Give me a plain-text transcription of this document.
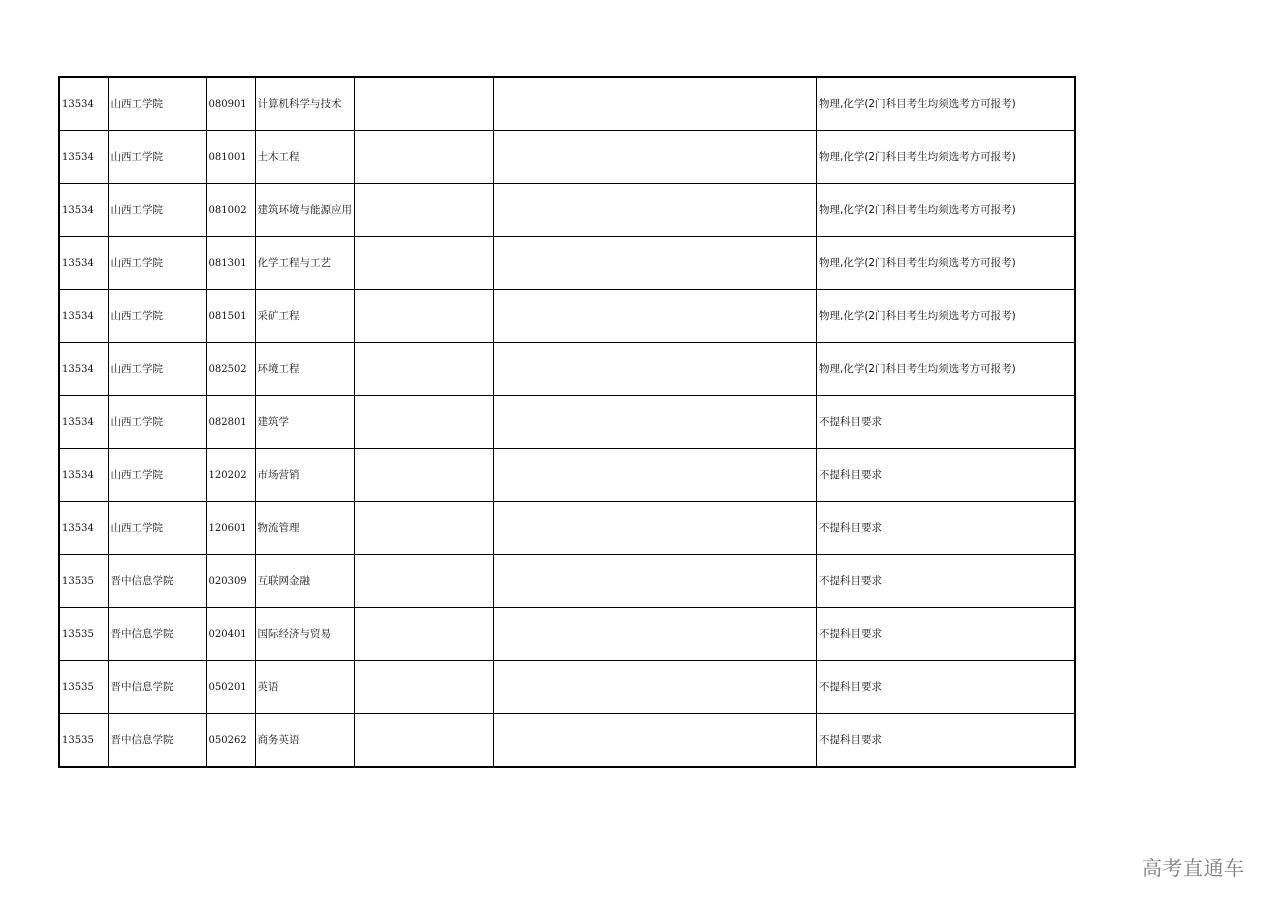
13534	山西工学院	080901	计算机科学与技术			物理,化学(2门科目考生均须选考方可报考)
13534	山西工学院	081001	土木工程			物理,化学(2门科目考生均须选考方可报考)
13534	山西工学院	081002	建筑环境与能源应用			物理,化学(2门科目考生均须选考方可报考)
13534	山西工学院	081301	化学工程与工艺			物理,化学(2门科目考生均须选考方可报考)
13534	山西工学院	081501	采矿工程			物理,化学(2门科目考生均须选考方可报考)
13534	山西工学院	082502	环境工程			物理,化学(2门科目考生均须选考方可报考)
13534	山西工学院	082801	建筑学			不提科目要求
13534	山西工学院	120202	市场营销			不提科目要求
13534	山西工学院	120601	物流管理			不提科目要求
13535	晋中信息学院	020309	互联网金融			不提科目要求
13535	晋中信息学院	020401	国际经济与贸易			不提科目要求
13535	晋中信息学院	050201	英语			不提科目要求
13535	晋中信息学院	050262	商务英语			不提科目要求
高考直通车
